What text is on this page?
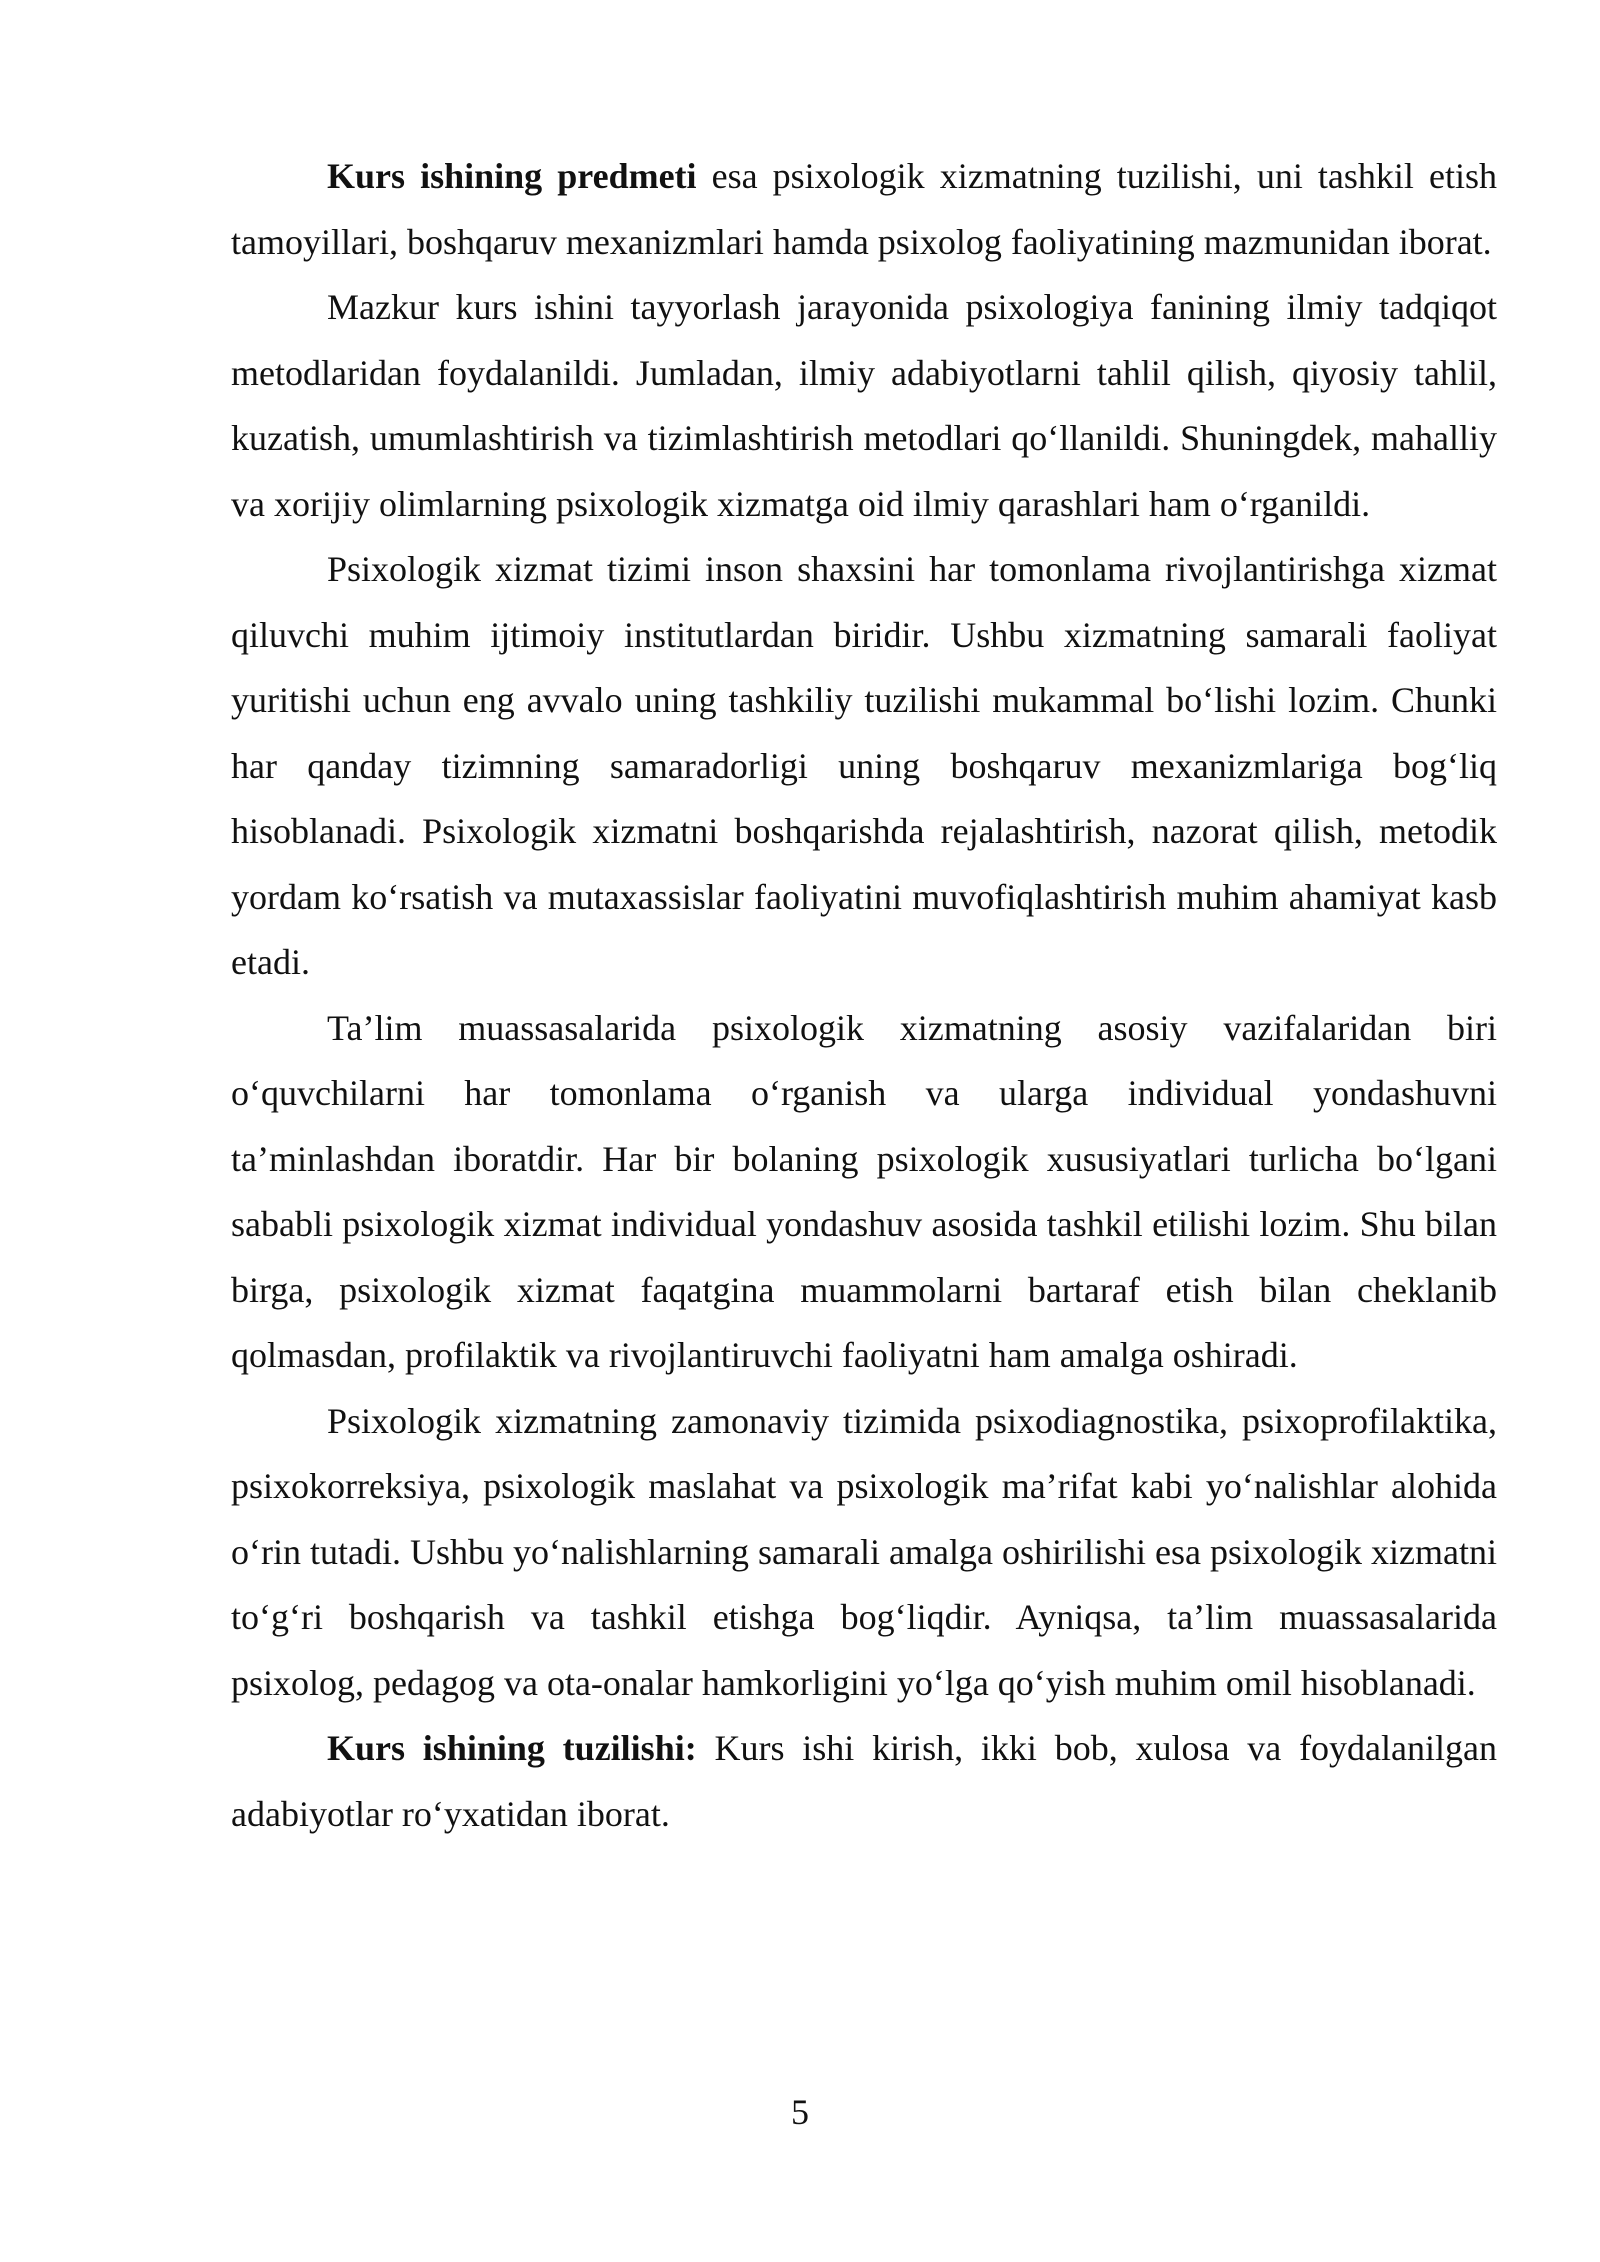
Kurs ishining predmeti esa psixologik xizmatning tuzilishi, uni tashkil etish tamoyillari, boshqaruv mexanizmlari hamda psixolog faoliyatining mazmunidan iborat.

Mazkur kurs ishini tayyorlash jarayonida psixologiya fanining ilmiy tadqiqot metodlaridan foydalanildi. Jumladan, ilmiy adabiyotlarni tahlil qilish, qiyosiy tahlil, kuzatish, umumlashtirish va tizimlashtirish metodlari qo‘llanildi. Shuningdek, mahalliy va xorijiy olimlarning psixologik xizmatga oid ilmiy qarashlari ham o‘rganildi.

Psixologik xizmat tizimi inson shaxsini har tomonlama rivojlantirishga xizmat qiluvchi muhim ijtimoiy institutlardan biridir. Ushbu xizmatning samarali faoliyat yuritishi uchun eng avvalo uning tashkiliy tuzilishi mukammal bo‘lishi lozim. Chunki har qanday tizimning samaradorligi uning boshqaruv mexanizmlariga bog‘liq hisoblanadi. Psixologik xizmatni boshqarishda rejalashtirish, nazorat qilish, metodik yordam ko‘rsatish va mutaxassislar faoliyatini muvofiqlashtirish muhim ahamiyat kasb etadi.

Ta’lim muassasalarida psixologik xizmatning asosiy vazifalaridan biri o‘quvchilarni har tomonlama o‘rganish va ularga individual yondashuvni ta’minlashdan iboratdir. Har bir bolaning psixologik xususiyatlari turlicha bo‘lgani sababli psixologik xizmat individual yondashuv asosida tashkil etilishi lozim. Shu bilan birga, psixologik xizmat faqatgina muammolarni bartaraf etish bilan cheklanib qolmasdan, profilaktik va rivojlantiruvchi faoliyatni ham amalga oshiradi.

Psixologik xizmatning zamonaviy tizimida psixodiagnostika, psixoprofilaktika, psixokorreksiya, psixologik maslahat va psixologik ma’rifat kabi yo‘nalishlar alohida o‘rin tutadi. Ushbu yo‘nalishlarning samarali amalga oshirilishi esa psixologik xizmatni to‘g‘ri boshqarish va tashkil etishga bog‘liqdir. Ayniqsa, ta’lim muassasalarida psixolog, pedagog va ota-onalar hamkorligini yo‘lga qo‘yish muhim omil hisoblanadi.

Kurs ishining tuzilishi: Kurs ishi kirish, ikki bob, xulosa va foydalanilgan adabiyotlar ro‘yxatidan iborat.

5
